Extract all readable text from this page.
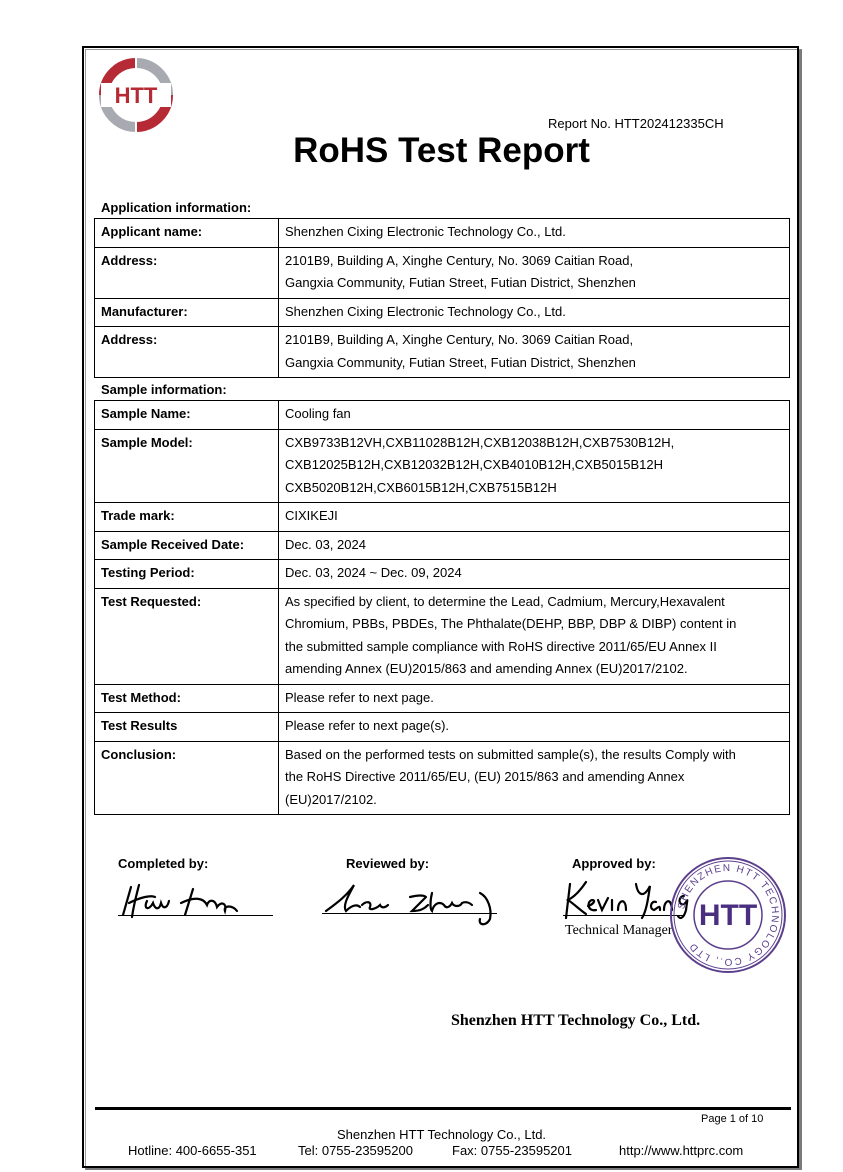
HTT
Report No. HTT202412335CH
RoHS Test Report
Application information:
Applicant name:	Shenzhen Cixing Electronic Technology Co., Ltd.

Address:	2101B9, Building A, Xinghe Century, No. 3069 Caitian Road,
Gangxia Community, Futian Street, Futian District, Shenzhen

Manufacturer:	Shenzhen Cixing Electronic Technology Co., Ltd.

Address:	2101B9, Building A, Xinghe Century, No. 3069 Caitian Road,
Gangxia Community, Futian Street, Futian District, Shenzhen
Sample information:
Sample Name:	Cooling fan

Sample Model:	CXB9733B12VH,CXB11028B12H,CXB12038B12H,CXB7530B12H,
CXB12025B12H,CXB12032B12H,CXB4010B12H,CXB5015B12H
CXB5020B12H,CXB6015B12H,CXB7515B12H

Trade mark:	CIXIKEJI

Sample Received Date:	Dec. 03, 2024

Testing Period:	Dec. 03, 2024 ~ Dec. 09, 2024

Test Requested:	As specified by client, to determine the Lead, Cadmium, Mercury,Hexavalent
Chromium, PBBs, PBDEs, The Phthalate(DEHP, BBP, DBP & DIBP) content in
the submitted sample compliance with RoHS directive 2011/65/EU Annex II
amending Annex (EU)2015/863 and amending Annex (EU)2017/2102.

Test Method:	Please refer to next page.

Test Results	Please refer to next page(s).

Conclusion:	Based on the performed tests on submitted sample(s), the results Comply with
the RoHS Directive 2011/65/EU, (EU) 2015/863 and amending Annex
(EU)2017/2102.
Completed by:	Reviewed by:	Approved by:
Technical Manager
SHENZHEN HTT TECHNOLOGY CO., LTD
HTT
Shenzhen HTT Technology Co., Ltd.
Page 1 of 10
Shenzhen HTT Technology Co., Ltd.
Hotline: 400-6655-351	Tel: 0755-23595200	Fax: 0755-23595201	http://www.httprc.com
